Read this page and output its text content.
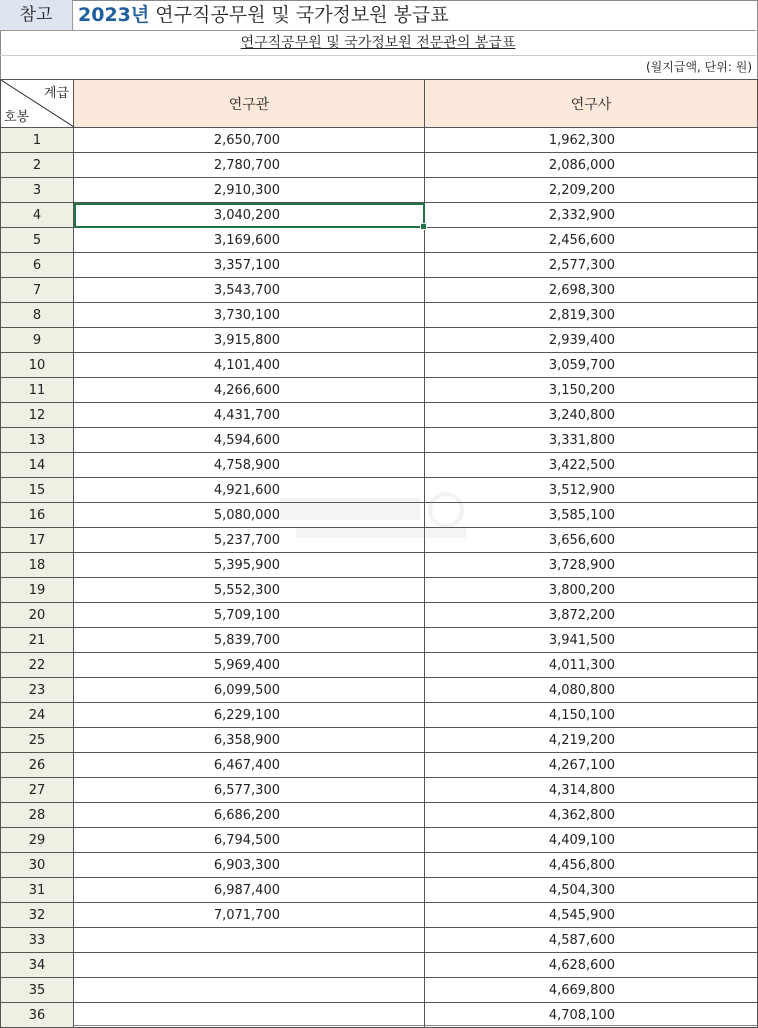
참고	2023년 연구직공무원 및 국가정보원 봉급표
연구직공무원 및 국가정보원 전문관의 봉급표
(월지급액, 단위: 원)
계급
호봉	연구관	연구사
1	2,650,700	1,962,300
2	2,780,700	2,086,000
3	2,910,300	2,209,200
4	3,040,200	2,332,900
5	3,169,600	2,456,600
6	3,357,100	2,577,300
7	3,543,700	2,698,300
8	3,730,100	2,819,300
9	3,915,800	2,939,400
10	4,101,400	3,059,700
11	4,266,600	3,150,200
12	4,431,700	3,240,800
13	4,594,600	3,331,800
14	4,758,900	3,422,500
15	4,921,600	3,512,900
16	5,080,000	3,585,100
17	5,237,700	3,656,600
18	5,395,900	3,728,900
19	5,552,300	3,800,200
20	5,709,100	3,872,200
21	5,839,700	3,941,500
22	5,969,400	4,011,300
23	6,099,500	4,080,800
24	6,229,100	4,150,100
25	6,358,900	4,219,200
26	6,467,400	4,267,100
27	6,577,300	4,314,800
28	6,686,200	4,362,800
29	6,794,500	4,409,100
30	6,903,300	4,456,800
31	6,987,400	4,504,300
32	7,071,700	4,545,900
33		4,587,600
34		4,628,600
35		4,669,800
36		4,708,100
